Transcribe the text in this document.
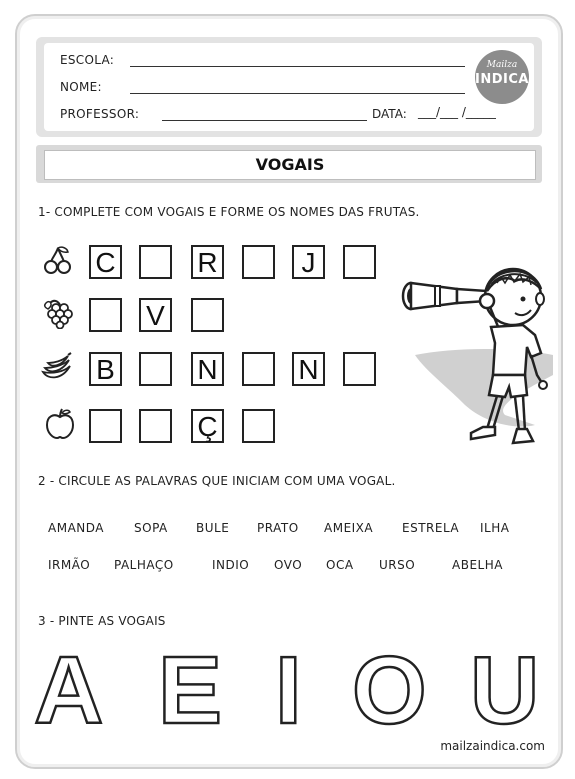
ESCOLA:
NOME:
PROFESSOR:	DATA: ___/___ /_____
Mailza
INDICA
VOGAIS
1- COMPLETE COM VOGAIS E FORME OS NOMES DAS FRUTAS.
C	R	J
V
B	N	N
Ç
2 - CIRCULE AS PALAVRAS QUE INICIAM COM UMA VOGAL.
AMANDA	SOPA BULE PRATO AMEIXA ESTRELA ILHA
IRMÃO PALHAÇO	INDIO OVO OCA URSO	ABELHA
3 - PINTE AS VOGAIS
A E I O U
mailzaindica.com
